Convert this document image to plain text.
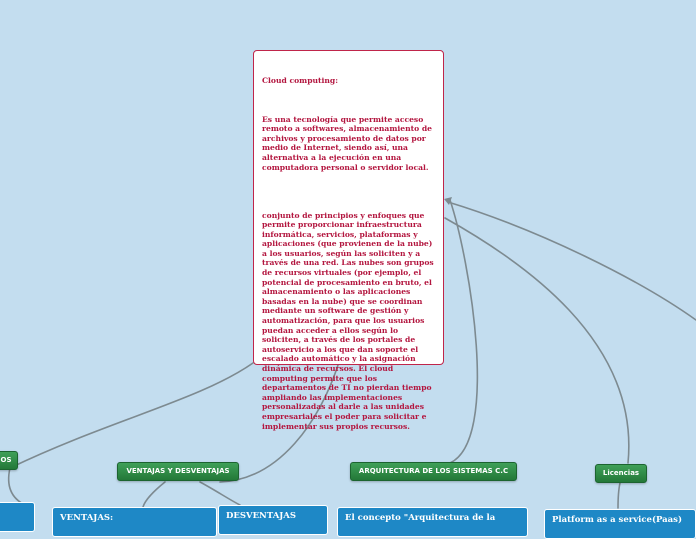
Cloud computing:

Es una tecnología que permite acceso remoto a softwares, almacenamiento de archivos y procesamiento de datos por medio de Internet, siendo así, una alternativa a la ejecución en una computadora personal o servidor local.

conjunto de principios y enfoques que permite proporcionar infraestructura informática, servicios, plataformas y aplicaciones (que provienen de la nube) a los usuarios, según las soliciten y a través de una red. Las nubes son grupos de recursos virtuales (por ejemplo, el potencial de procesamiento en bruto, el almacenamiento o las aplicaciones basadas en la nube) que se coordinan mediante un software de gestión y automatización, para que los usuarios puedan acceder a ellos según lo soliciten, a través de los portales de autoservicio a los que dan soporte el escalado automático y la asignación dinámica de recursos. El cloud computing permite que los departamentos de TI no pierdan tiempo ampliando las implementaciones personalizadas al darle a las unidades empresariales el poder para solicitar e implementar sus propios recursos.

OS
VENTAJAS Y DESVENTAJAS	ARQUITECTURA DE LOS SISTEMAS C.C	Licencias
VENTAJAS:	DESVENTAJAS	El concepto "Arquitectura de la	Platform as a service(Paas)
